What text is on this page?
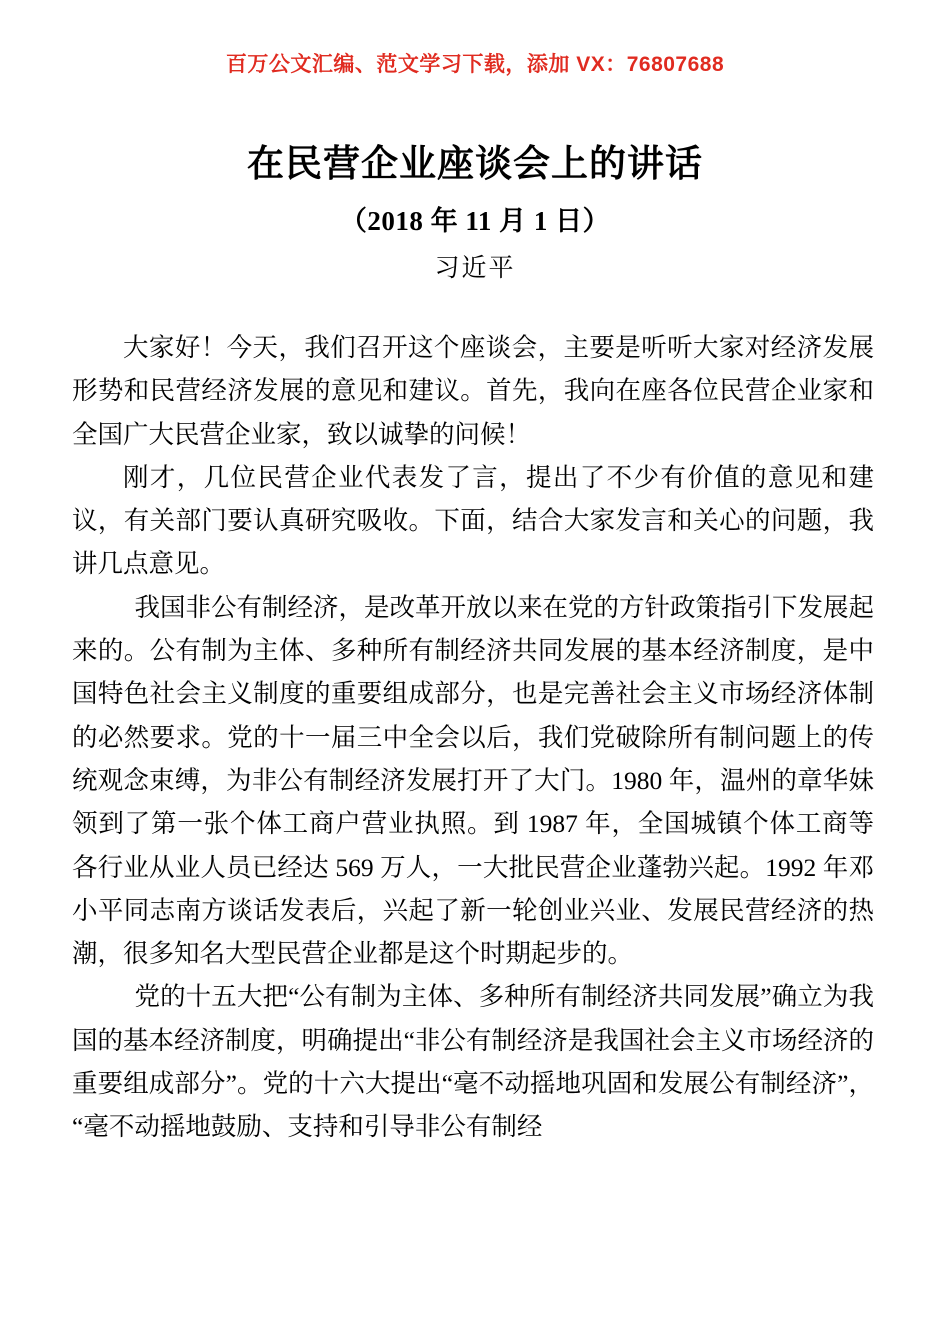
百万公文汇编、范文学习下载，添加 VX：76807688
在民营企业座谈会上的讲话
（2018 年 11 月 1 日）
习近平

大家好！今天，我们召开这个座谈会，主要是听听大家对经济发展形势和民营经济发展的意见和建议。首先，我向在座各位民营企业家和全国广大民营企业家，致以诚挚的问候！

刚才，几位民营企业代表发了言，提出了不少有价值的意见和建议，有关部门要认真研究吸收。下面，结合大家发言和关心的问题，我讲几点意见。

我国非公有制经济，是改革开放以来在党的方针政策指引下发展起来的。公有制为主体、多种所有制经济共同发展的基本经济制度，是中国特色社会主义制度的重要组成部分，也是完善社会主义市场经济体制的必然要求。党的十一届三中全会以后，我们党破除所有制问题上的传统观念束缚，为非公有制经济发展打开了大门。1980 年，温州的章华妹领到了第一张个体工商户营业执照。到 1987 年，全国城镇个体工商等各行业从业人员已经达 569 万人，一大批民营企业蓬勃兴起。1992 年邓小平同志南方谈话发表后，兴起了新一轮创业兴业、发展民营经济的热潮，很多知名大型民营企业都是这个时期起步的。

党的十五大把“公有制为主体、多种所有制经济共同发展”确立为我国的基本经济制度，明确提出“非公有制经济是我国社会主义市场经济的重要组成部分”。党的十六大提出“毫不动摇地巩固和发展公有制经济”，“毫不动摇地鼓励、支持和引导非公有制经
